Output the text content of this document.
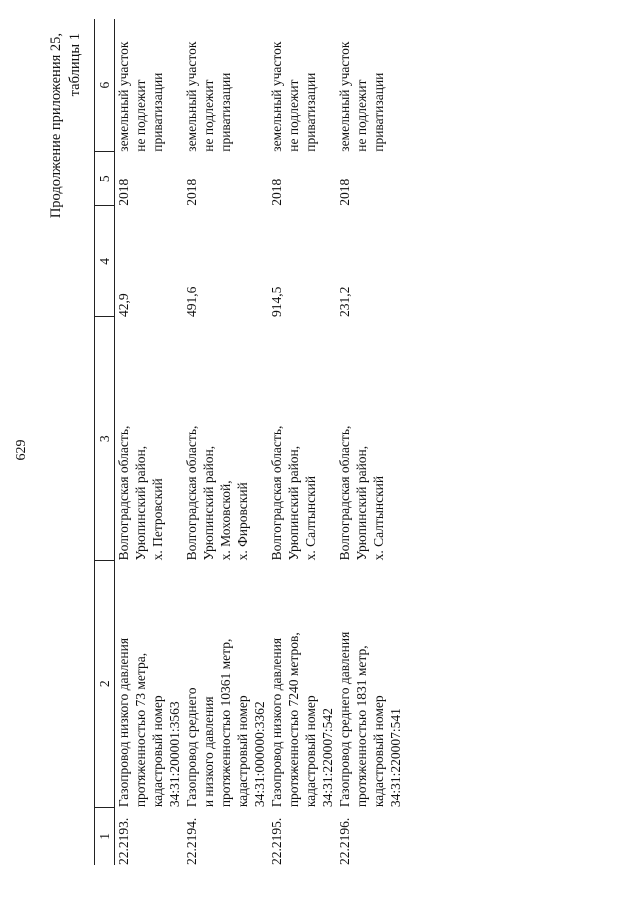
629
Продолжение приложения 25, таблицы 1
1	2	3	4	5	6
22.2193.	Газопровод низкого давления протяженностью 73 метра, кадастровый номер 34:31:200001:3563	Волгоградская область, Урюпинский район, х. Петровский	42,9	2018	земельный участок не подлежит приватизации

22.2194.	Газопровод среднего и низкого давления протяженностью 10361 метр, кадастровый номер 34:31:000000:3362	Волгоградская область, Урюпинский район, х. Моховской, х. Фировский	491,6	2018	земельный участок не подлежит приватизации

22.2195.	Газопровод низкого давления протяженностью 7240 метров, кадастровый номер 34:31:220007:542	Волгоградская область, Урюпинский район, х. Салтынский	914,5	2018	земельный участок не подлежит приватизации

22.2196.	Газопровод среднего давления протяженностью 1831 метр, кадастровый номер 34:31:220007:541	Волгоградская область, Урюпинский район, х. Салтынский	231,2	2018	земельный участок не подлежит приватизации
